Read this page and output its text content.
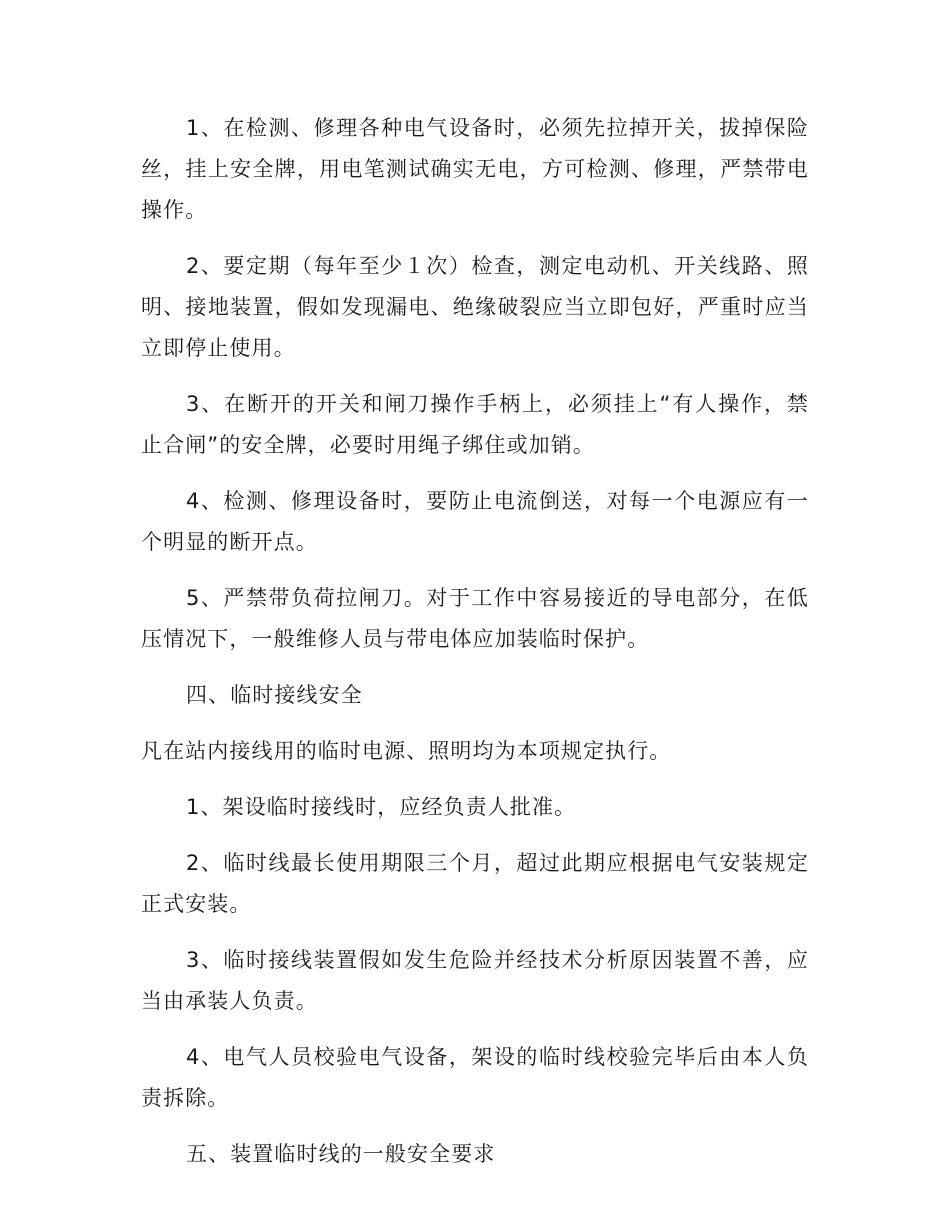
1、在检测、修理各种电气设备时，必须先拉掉开关，拔掉保险丝，挂上安全牌，用电笔测试确实无电，方可检测、修理，严禁带电操作。

2、要定期（每年至少１次）检查，测定电动机、开关线路、照明、接地装置，假如发现漏电、绝缘破裂应当立即包好，严重时应当立即停止使用。

3、在断开的开关和闸刀操作手柄上，必须挂上“有人操作，禁止合闸”的安全牌，必要时用绳子绑住或加销。

4、检测、修理设备时，要防止电流倒送，对每一个电源应有一个明显的断开点。

5、严禁带负荷拉闸刀。对于工作中容易接近的导电部分，在低压情况下，一般维修人员与带电体应加装临时保护。

四、临时接线安全

凡在站内接线用的临时电源、照明均为本项规定执行。

1、架设临时接线时，应经负责人批准。

2、临时线最长使用期限三个月，超过此期应根据电气安装规定正式安装。

3、临时接线装置假如发生危险并经技术分析原因装置不善，应当由承装人负责。

4、电气人员校验电气设备，架设的临时线校验完毕后由本人负责拆除。

五、装置临时线的一般安全要求
